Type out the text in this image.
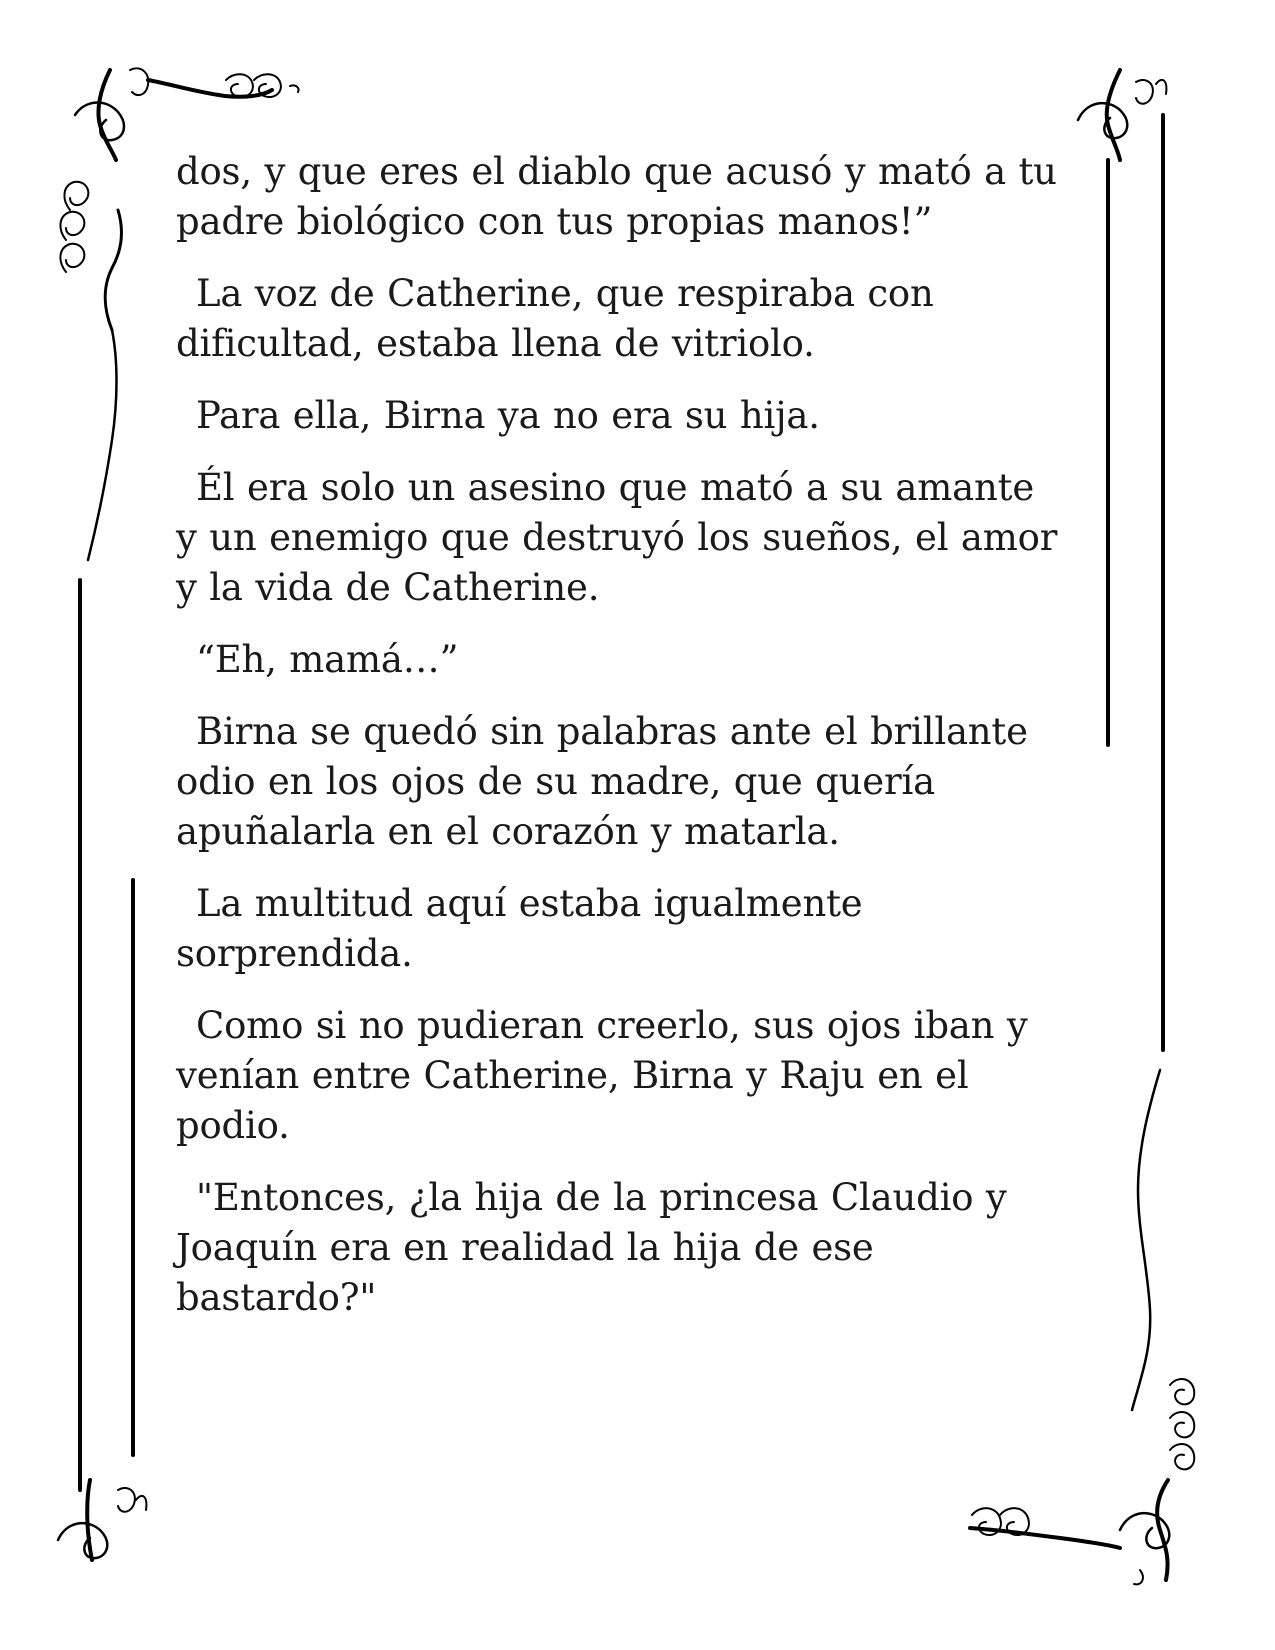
dos, y que eres el diablo que acusó y mató a tu
padre biológico con tus propias manos!”

La voz de Catherine, que respiraba con
dificultad, estaba llena de vitriolo.

Para ella, Birna ya no era su hija.

Él era solo un asesino que mató a su amante
y un enemigo que destruyó los sueños, el amor
y la vida de Catherine.

“Eh, mamá…”

Birna se quedó sin palabras ante el brillante
odio en los ojos de su madre, que quería
apuñalarla en el corazón y matarla.

La multitud aquí estaba igualmente
sorprendida.

Como si no pudieran creerlo, sus ojos iban y
venían entre Catherine, Birna y Raju en el
podio.

"Entonces, ¿la hija de la princesa Claudio y
Joaquín era en realidad la hija de ese
bastardo?"
